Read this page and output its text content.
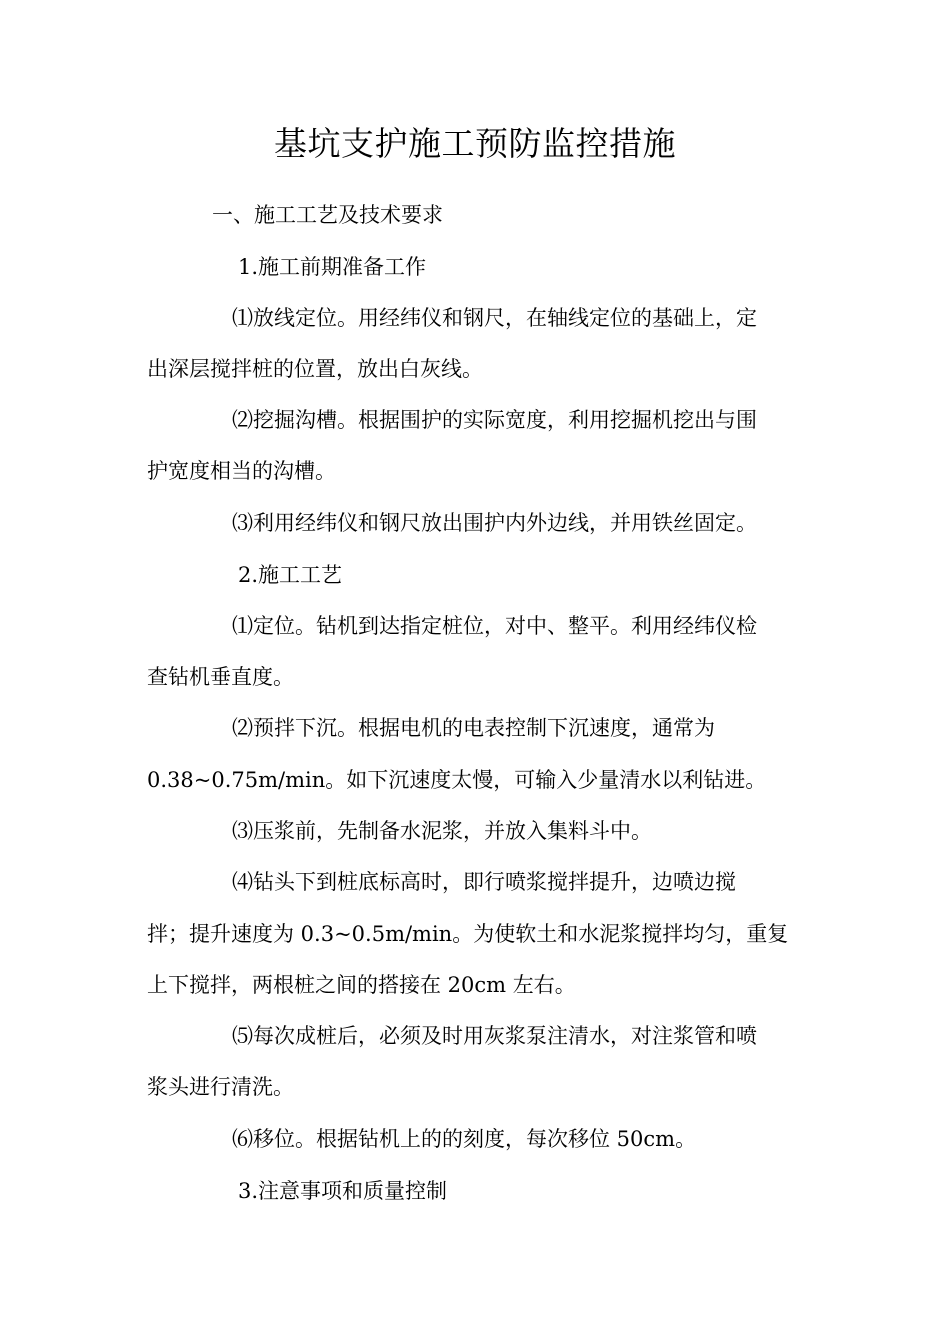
基坑支护施工预防监控措施
一、施工工艺及技术要求
1.施工前期准备工作
⑴放线定位。用经纬仪和钢尺，在轴线定位的基础上，定
出深层搅拌桩的位置，放出白灰线。
⑵挖掘沟槽。根据围护的实际宽度，利用挖掘机挖出与围
护宽度相当的沟槽。
⑶利用经纬仪和钢尺放出围护内外边线，并用铁丝固定。
2.施工工艺
⑴定位。钻机到达指定桩位，对中、整平。利用经纬仪检
查钻机垂直度。
⑵预拌下沉。根据电机的电表控制下沉速度，通常为
0.38~0.75m/min。如下沉速度太慢，可输入少量清水以利钻进。
⑶压浆前，先制备水泥浆，并放入集料斗中。
⑷钻头下到桩底标高时，即行喷浆搅拌提升，边喷边搅
拌；提升速度为 0.3~0.5m/min。为使软土和水泥浆搅拌均匀，重复
上下搅拌，两根桩之间的搭接在 20cm 左右。
⑸每次成桩后，必须及时用灰浆泵注清水，对注浆管和喷
浆头进行清洗。
⑹移位。根据钻机上的的刻度，每次移位 50cm。
3.注意事项和质量控制
